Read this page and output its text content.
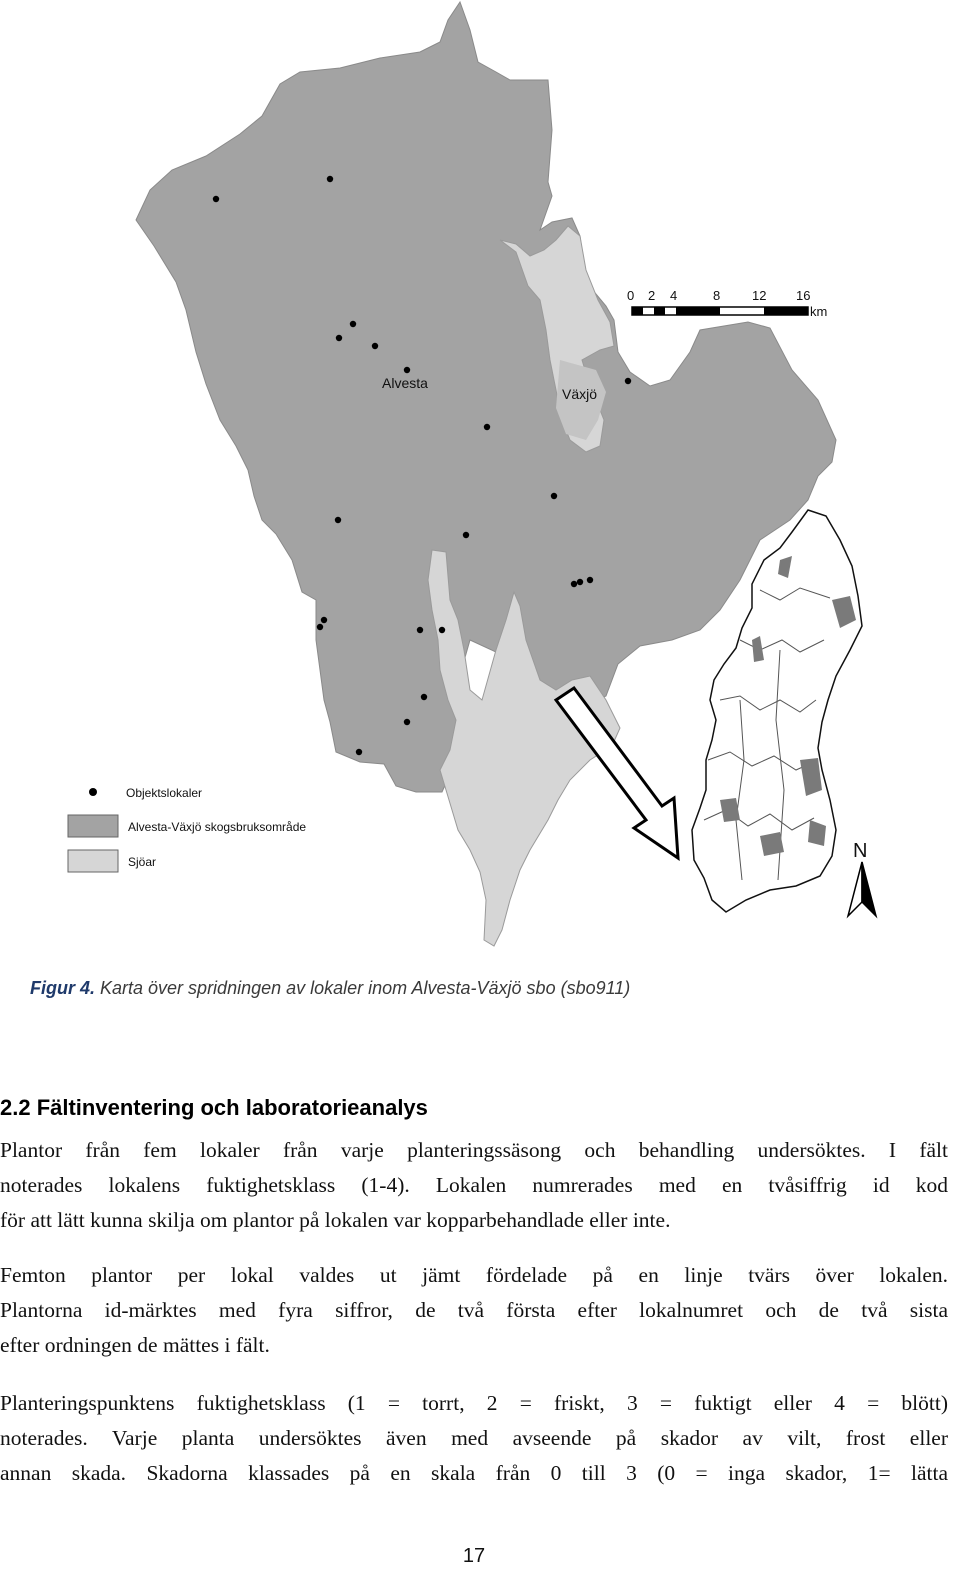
Alvesta
Växjö
0 2 4	8 12 16
km
Objektslokaler
Alvesta-Växjö skogsbruksområde
Sjöar	N
Figur 4. Karta över spridningen av lokaler inom Alvesta-Växjö sbo (sbo911)
2.2 Fältinventering och laboratorieanalys
Plantor från fem lokaler från varje planteringssäsong och behandling undersöktes. I fält
noterades lokalens fuktighetsklass (1-4). Lokalen numrerades med en tvåsiffrig id kod
för att lätt kunna skilja om plantor på lokalen var kopparbehandlade eller inte.
Femton plantor per lokal valdes ut jämt fördelade på en linje tvärs över lokalen.
Plantorna id-märktes med fyra siffror, de två första efter lokalnumret och de två sista
efter ordningen de mättes i fält.
Planteringspunktens fuktighetsklass (1 = torrt, 2 = friskt, 3 = fuktigt eller 4 = blött)
noterades. Varje planta undersöktes även med avseende på skador av vilt, frost eller
annan skada. Skadorna klassades på en skala från 0 till 3 (0 = inga skador, 1= lätta
17
